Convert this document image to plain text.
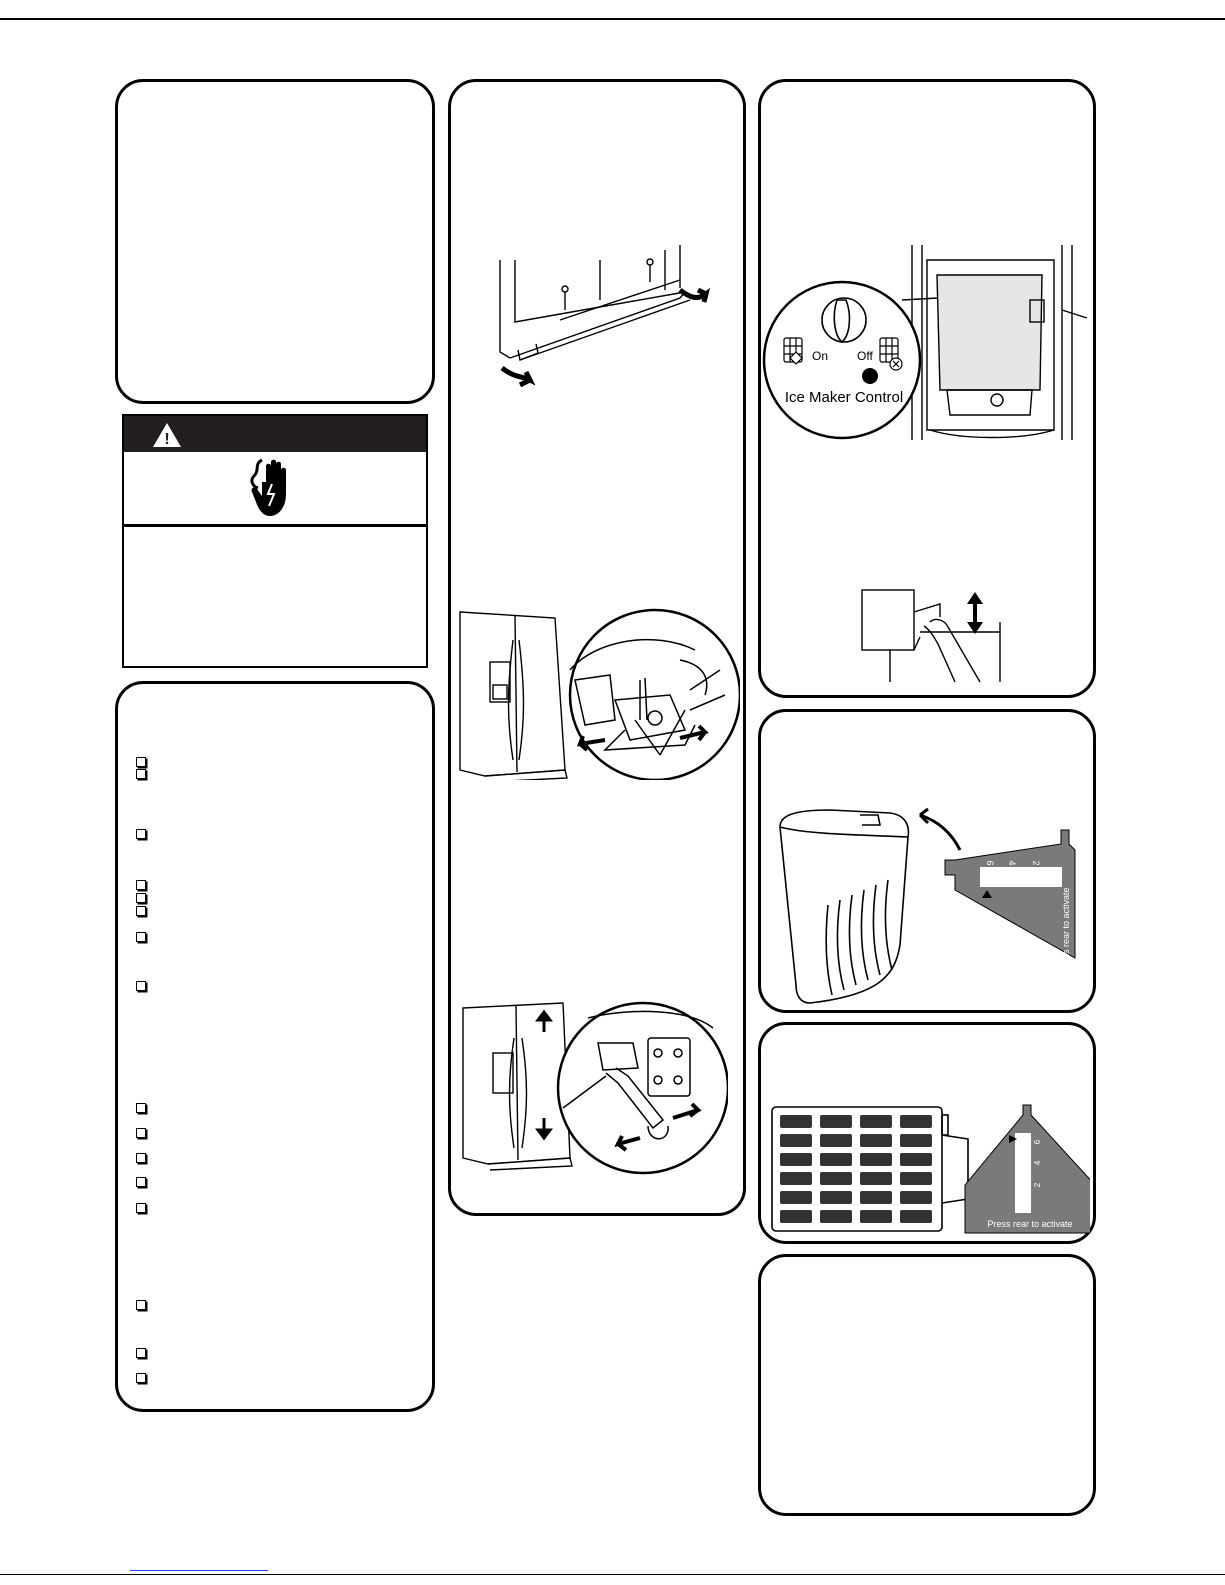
!
On Off
Ice Maker Control
6 4 2
Press rear to activate
6
4
2
Press rear to activate
